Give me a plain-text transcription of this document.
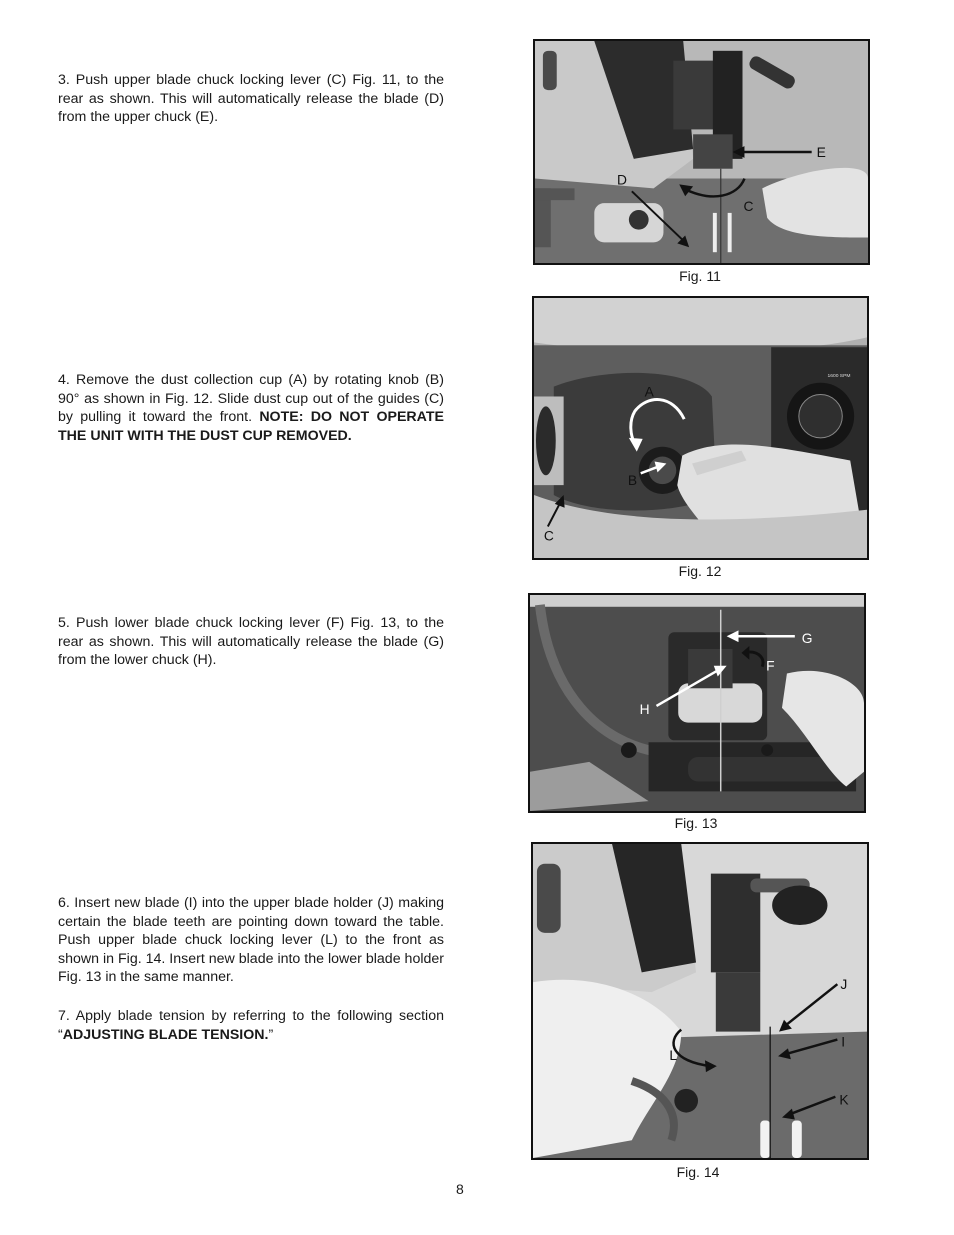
3. Push upper blade chuck locking lever (C) Fig. 11, to the rear as shown. This will automatically release the blade (D) from the upper chuck (E).

4. Remove the dust collection cup (A) by rotating knob (B) 90° as shown in Fig. 12. Slide dust cup out of the guides (C) by pulling it toward the front. NOTE: DO NOT OPERATE THE UNIT WITH THE DUST CUP REMOVED.

5. Push lower blade chuck locking lever (F) Fig. 13, to the rear as shown. This will automatically release the blade (G) from the lower chuck (H).

6. Insert new blade (I) into the upper blade holder (J) making certain the blade teeth are pointing down toward the table. Push upper blade chuck locking lever (L) to the front as shown in Fig. 14. Insert new blade into the lower blade holder Fig. 13 in the same manner.

7. Apply blade tension by referring to the following section “ADJUSTING BLADE TENSION.”

E
D
C
Fig. 11
1600 SPM
A
B
C
Fig. 12
G
F
H
Fig. 13
J
I
L
K
Fig. 14
8
